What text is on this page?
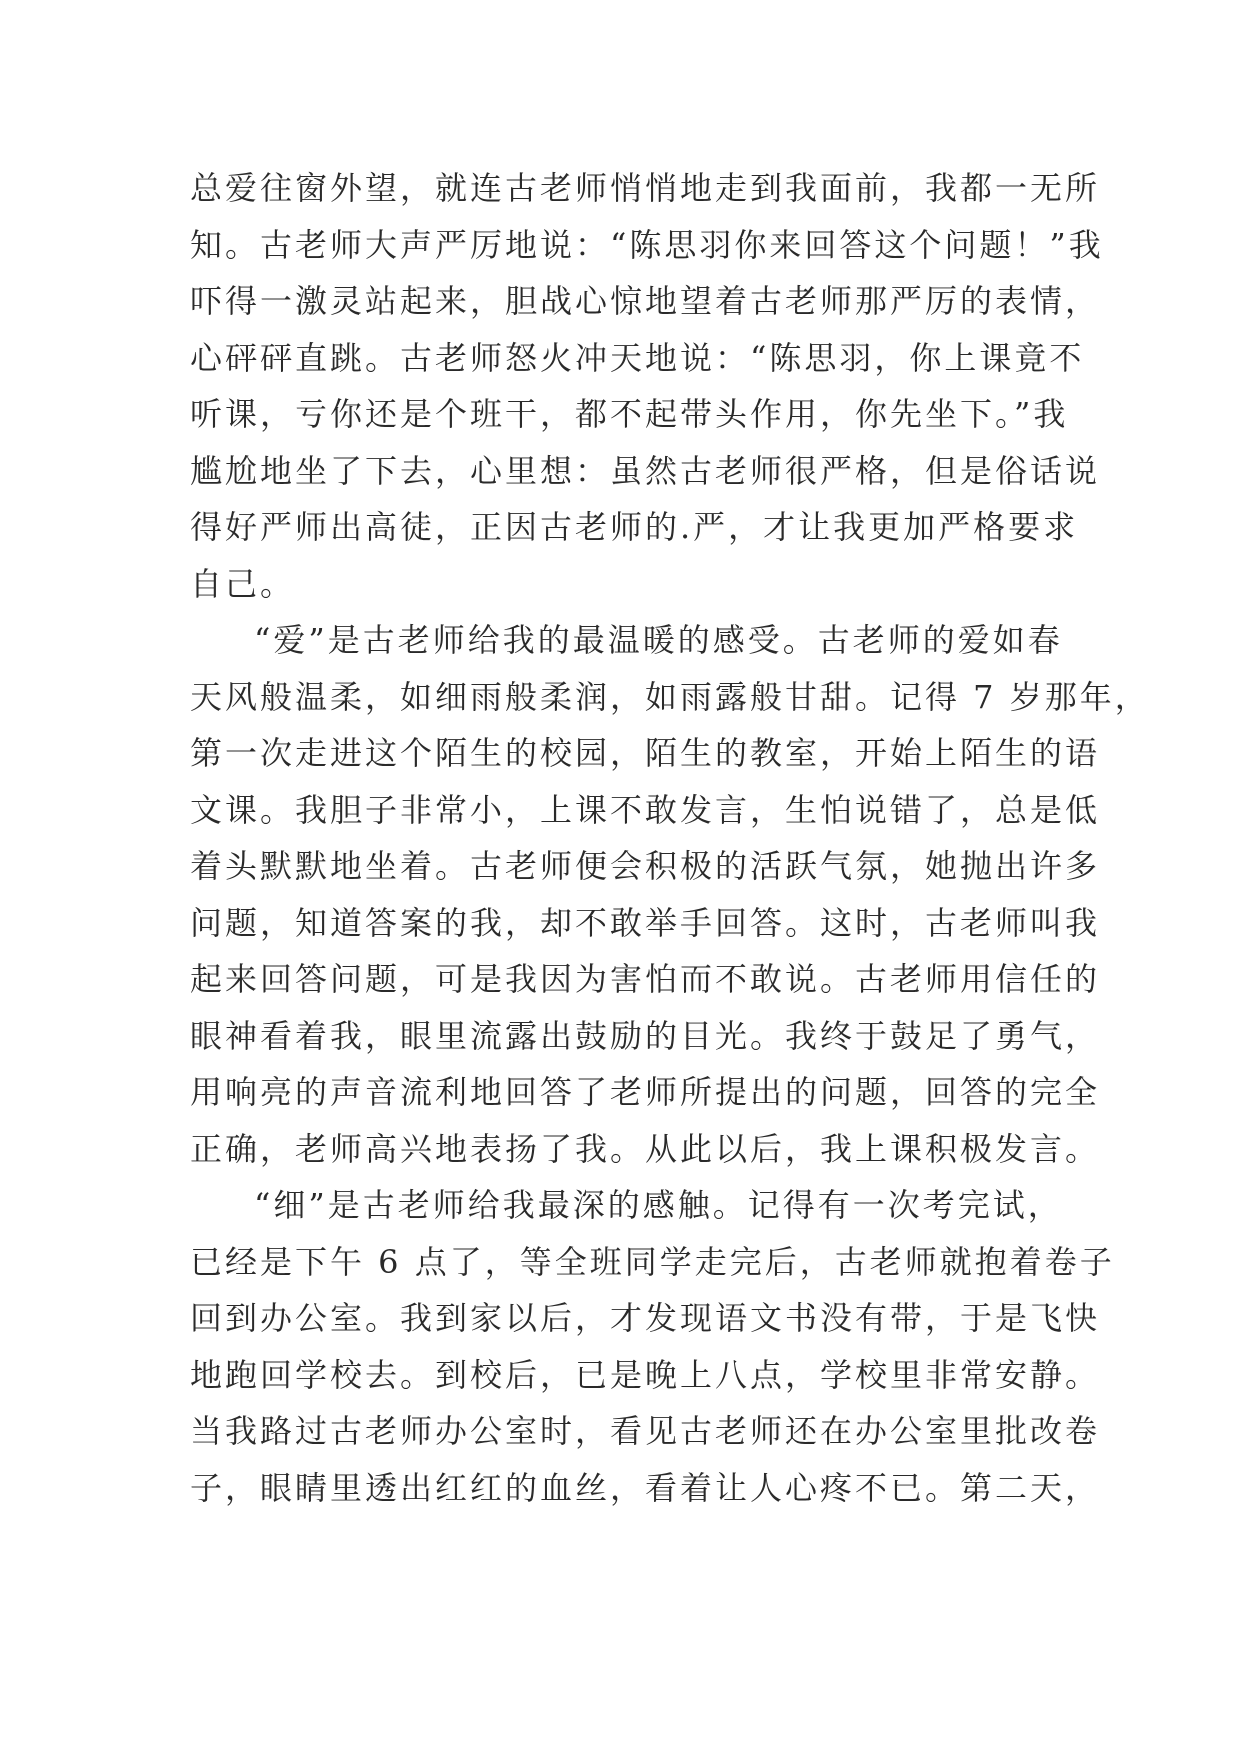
总爱往窗外望，就连古老师悄悄地走到我面前，我都一无所
知。古老师大声严厉地说：“陈思羽你来回答这个问题！”我
吓得一激灵站起来，胆战心惊地望着古老师那严厉的表情，
心砰砰直跳。古老师怒火冲天地说：“陈思羽，你上课竟不
听课，亏你还是个班干，都不起带头作用，你先坐下。”我
尴尬地坐了下去，心里想：虽然古老师很严格，但是俗话说
得好严师出高徒，正因古老师的.严，才让我更加严格要求
自己。
“爱”是古老师给我的最温暖的感受。古老师的爱如春
天风般温柔，如细雨般柔润，如雨露般甘甜。记得 7 岁那年，
第一次走进这个陌生的校园，陌生的教室，开始上陌生的语
文课。我胆子非常小，上课不敢发言，生怕说错了，总是低
着头默默地坐着。古老师便会积极的活跃气氛，她抛出许多
问题，知道答案的我，却不敢举手回答。这时，古老师叫我
起来回答问题，可是我因为害怕而不敢说。古老师用信任的
眼神看着我，眼里流露出鼓励的目光。我终于鼓足了勇气，
用响亮的声音流利地回答了老师所提出的问题，回答的完全
正确，老师高兴地表扬了我。从此以后，我上课积极发言。
“细”是古老师给我最深的感触。记得有一次考完试，
已经是下午 6 点了，等全班同学走完后，古老师就抱着卷子
回到办公室。我到家以后，才发现语文书没有带，于是飞快
地跑回学校去。到校后，已是晚上八点，学校里非常安静。
当我路过古老师办公室时，看见古老师还在办公室里批改卷
子，眼睛里透出红红的血丝，看着让人心疼不已。第二天，
